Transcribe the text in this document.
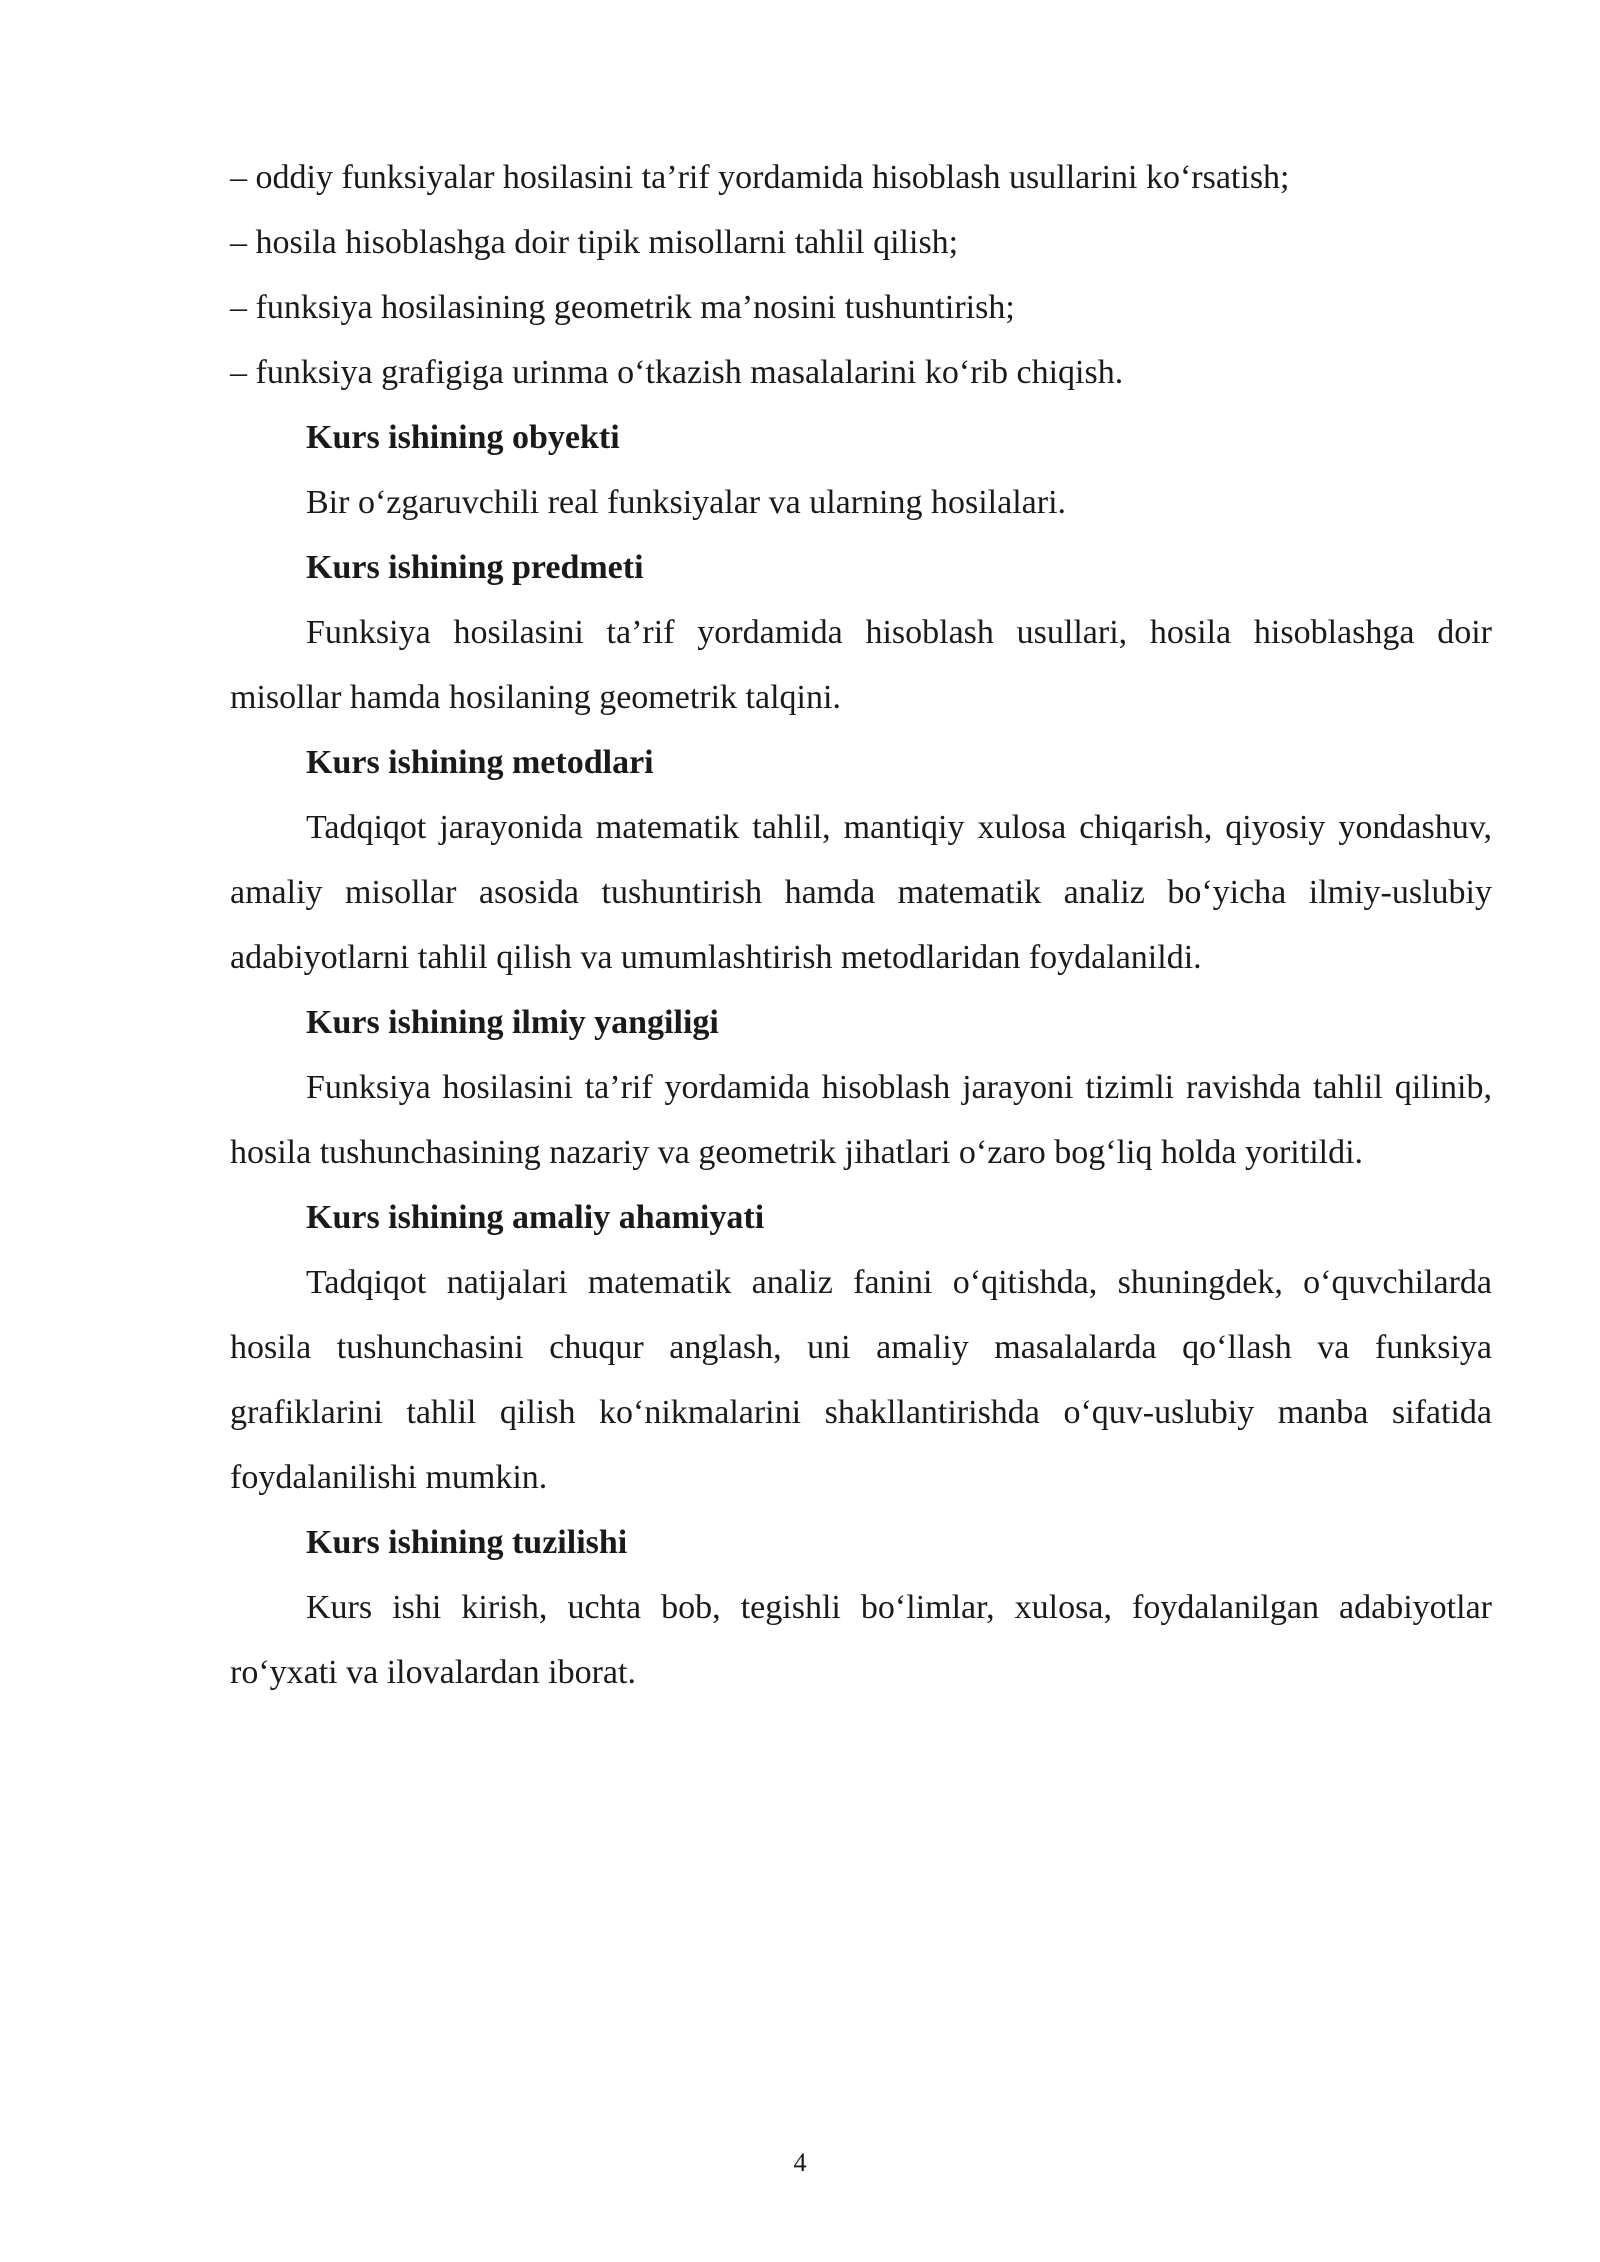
– oddiy funksiyalar hosilasini ta’rif yordamida hisoblash usullarini ko‘rsatish;

– hosila hisoblashga doir tipik misollarni tahlil qilish;

– funksiya hosilasining geometrik ma’nosini tushuntirish;

– funksiya grafigiga urinma o‘tkazish masalalarini ko‘rib chiqish.

Kurs ishining obyekti

Bir o‘zgaruvchili real funksiyalar va ularning hosilalari.

Kurs ishining predmeti

Funksiya hosilasini ta’rif yordamida hisoblash usullari, hosila hisoblashga doir misollar hamda hosilaning geometrik talqini.

Kurs ishining metodlari

Tadqiqot jarayonida matematik tahlil, mantiqiy xulosa chiqarish, qiyosiy yondashuv, amaliy misollar asosida tushuntirish hamda matematik analiz bo‘yicha ilmiy-uslubiy adabiyotlarni tahlil qilish va umumlashtirish metodlaridan foydalanildi.

Kurs ishining ilmiy yangiligi

Funksiya hosilasini ta’rif yordamida hisoblash jarayoni tizimli ravishda tahlil qilinib, hosila tushunchasining nazariy va geometrik jihatlari o‘zaro bog‘liq holda yoritildi.

Kurs ishining amaliy ahamiyati

Tadqiqot natijalari matematik analiz fanini o‘qitishda, shuningdek, o‘quvchilarda hosila tushunchasini chuqur anglash, uni amaliy masalalarda qo‘llash va funksiya grafiklarini tahlil qilish ko‘nikmalarini shakllantirishda o‘quv-uslubiy manba sifatida foydalanilishi mumkin.

Kurs ishining tuzilishi

Kurs ishi kirish, uchta bob, tegishli bo‘limlar, xulosa, foydalanilgan adabiyotlar ro‘yxati va ilovalardan iborat.

4
